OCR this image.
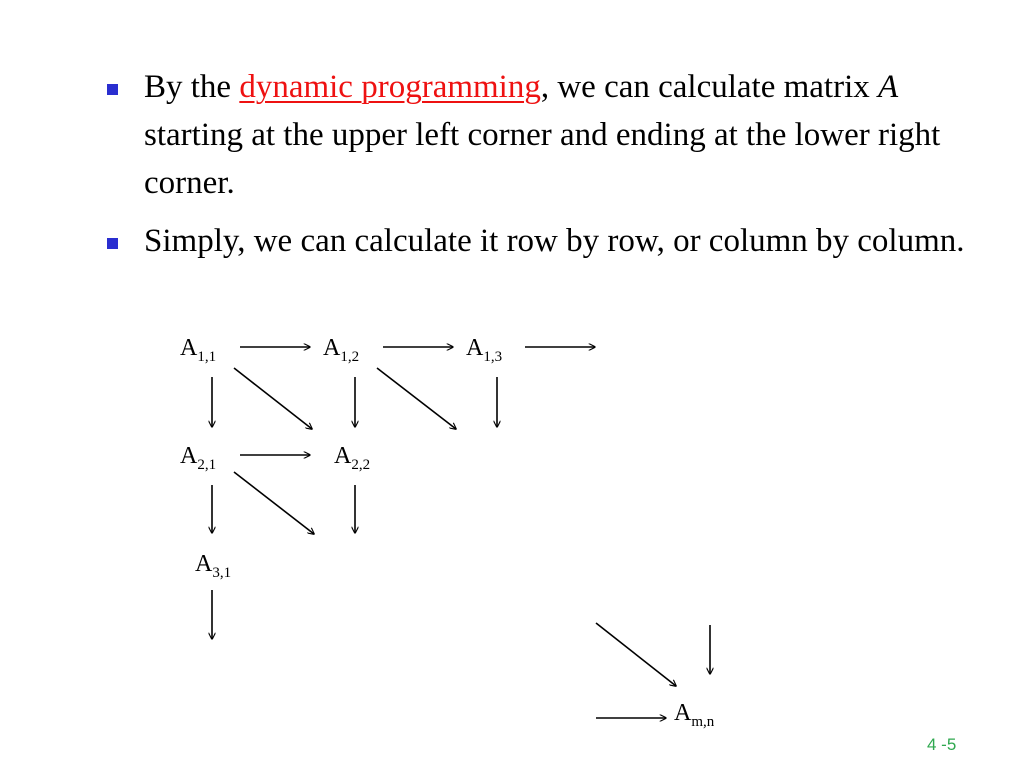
By the dynamic programming, we can calculate matrix A starting at the upper left corner and ending at the lower right corner.
Simply, we can calculate it row by row, or column by column.
$A_{1,1}$	$A_{1,2}$	$A_{1,3}$
$A_{2,1}$	$A_{2,2}$
$A_{3,1}$
$A_{m,n}$
4 -5
